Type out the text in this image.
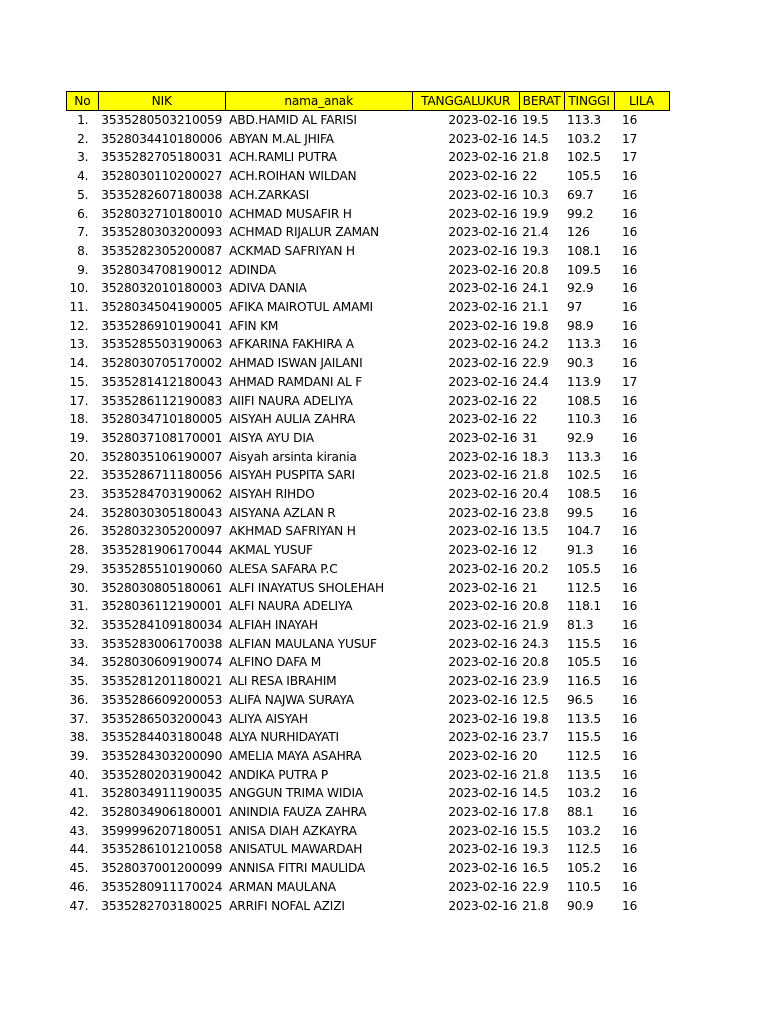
No	NIK	nama_anak	TANGGALUKUR	BERAT	TINGGI	LILA
1.	3535280503210059	ABD.HAMID AL FARISI	2023-02-16	19.5	113.3	16
2.	3528034410180006	ABYAN M.AL JHIFA	2023-02-16	14.5	103.2	17
3.	3535282705180031	ACH.RAMLI PUTRA	2023-02-16	21.8	102.5	17
4.	3528030110200027	ACH.ROIHAN WILDAN	2023-02-16	22	105.5	16
5.	3535282607180038	ACH.ZARKASI	2023-02-16	10.3	69.7	16
6.	3528032710180010	ACHMAD MUSAFIR H	2023-02-16	19.9	99.2	16
7.	3535280303200093	ACHMAD RIJALUR ZAMAN	2023-02-16	21.4	126	16
8.	3535282305200087	ACKMAD SAFRIYAN H	2023-02-16	19.3	108.1	16
9.	3528034708190012	ADINDA	2023-02-16	20.8	109.5	16
10.	3528032010180003	ADIVA DANIA	2023-02-16	24.1	92.9	16
11.	3528034504190005	AFIKA MAIROTUL AMAMI	2023-02-16	21.1	97	16
12.	3535286910190041	AFIN KM	2023-02-16	19.8	98.9	16
13.	3535285503190063	AFKARINA FAKHIRA A	2023-02-16	24.2	113.3	16
14.	3528030705170002	AHMAD ISWAN JAILANI	2023-02-16	22.9	90.3	16
15.	3535281412180043	AHMAD RAMDANI AL F	2023-02-16	24.4	113.9	17
17.	3535286112190083	AIIFI NAURA ADELIYA	2023-02-16	22	108.5	16
18.	3528034710180005	AISYAH AULIA ZAHRA	2023-02-16	22	110.3	16
19.	3528037108170001	AISYA AYU DIA	2023-02-16	31	92.9	16
20.	3528035106190007	Aisyah arsinta kirania	2023-02-16	18.3	113.3	16
22.	3535286711180056	AISYAH PUSPITA SARI	2023-02-16	21.8	102.5	16
23.	3535284703190062	AISYAH RIHDO	2023-02-16	20.4	108.5	16
24.	3528030305180043	AISYANA AZLAN R	2023-02-16	23.8	99.5	16
26.	3528032305200097	AKHMAD SAFRIYAN H	2023-02-16	13.5	104.7	16
28.	3535281906170044	AKMAL YUSUF	2023-02-16	12	91.3	16
29.	3535285510190060	ALESA SAFARA P.C	2023-02-16	20.2	105.5	16
30.	3528030805180061	ALFI INAYATUS SHOLEHAH	2023-02-16	21	112.5	16
31.	3528036112190001	ALFI NAURA ADELIYA	2023-02-16	20.8	118.1	16
32.	3535284109180034	ALFIAH INAYAH	2023-02-16	21.9	81.3	16
33.	3535283006170038	ALFIAN MAULANA YUSUF	2023-02-16	24.3	115.5	16
34.	3528030609190074	ALFINO DAFA M	2023-02-16	20.8	105.5	16
35.	3535281201180021	ALI RESA IBRAHIM	2023-02-16	23.9	116.5	16
36.	3535286609200053	ALIFA NAJWA SURAYA	2023-02-16	12.5	96.5	16
37.	3535286503200043	ALIYA AISYAH	2023-02-16	19.8	113.5	16
38.	3535284403180048	ALYA NURHIDAYATI	2023-02-16	23.7	115.5	16
39.	3535284303200090	AMELIA MAYA ASAHRA	2023-02-16	20	112.5	16
40.	3535280203190042	ANDIKA PUTRA P	2023-02-16	21.8	113.5	16
41.	3528034911190035	ANGGUN TRIMA WIDIA	2023-02-16	14.5	103.2	16
42.	3528034906180001	ANINDIA FAUZA ZAHRA	2023-02-16	17.8	88.1	16
43.	3599996207180051	ANISA DIAH AZKAYRA	2023-02-16	15.5	103.2	16
44.	3535286101210058	ANISATUL MAWARDAH	2023-02-16	19.3	112.5	16
45.	3528037001200099	ANNISA FITRI MAULIDA	2023-02-16	16.5	105.2	16
46.	3535280911170024	ARMAN MAULANA	2023-02-16	22.9	110.5	16
47.	3535282703180025	ARRIFI NOFAL AZIZI	2023-02-16	21.8	90.9	16
